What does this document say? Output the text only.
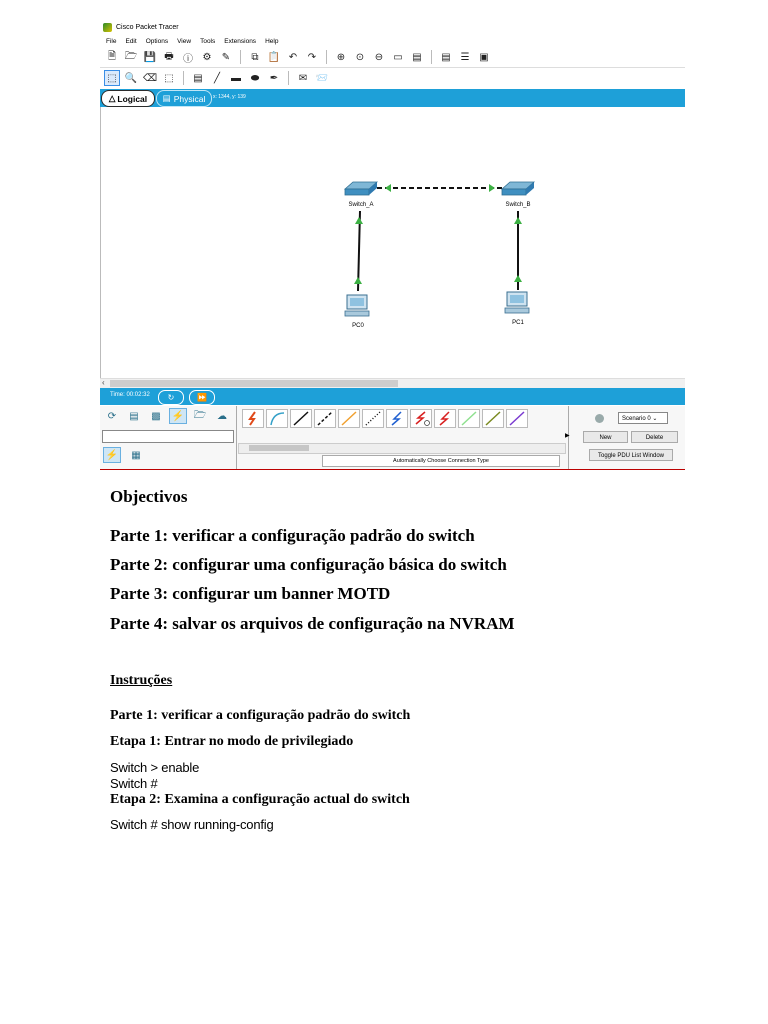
Cisco Packet Tracer
File Edit Options View Tools Extensions Help
🗎 🗁 💾 🖶 ⓘ ⚙ ✎	⧉ 📋 ↶ ↷ ⊕ ⊙ ⊖ ▭ ▤ ▤ ☰ ▣
⬚ 🔍 ⌫ ⬚ ▤	╱	▬ ⬬ ✒ ✉ 📨
△ Logical ▤ Physical x: 1344, y: 139
Switch_A	Switch_B
PC0	PC1
‹
Time: 00:02:32 ↻	⏩
⟳	▤	▩	⚡ 🗁	☁
⚡	▦
Automatically Choose Connection Type
▶
Scenario 0 ⌄
New	Delete
Toggle PDU List Window
Objectivos
Parte 1: verificar a configuração padrão do switch
Parte 2: configurar uma configuração básica do switch
Parte 3: configurar um banner MOTD
Parte 4: salvar os arquivos de configuração na NVRAM
Instruções
Parte 1: verificar a configuração padrão do switch
Etapa 1: Entrar no modo de privilegiado
Switch > enable
Switch #
Etapa 2: Examina a configuração actual do switch
Switch # show running-config
